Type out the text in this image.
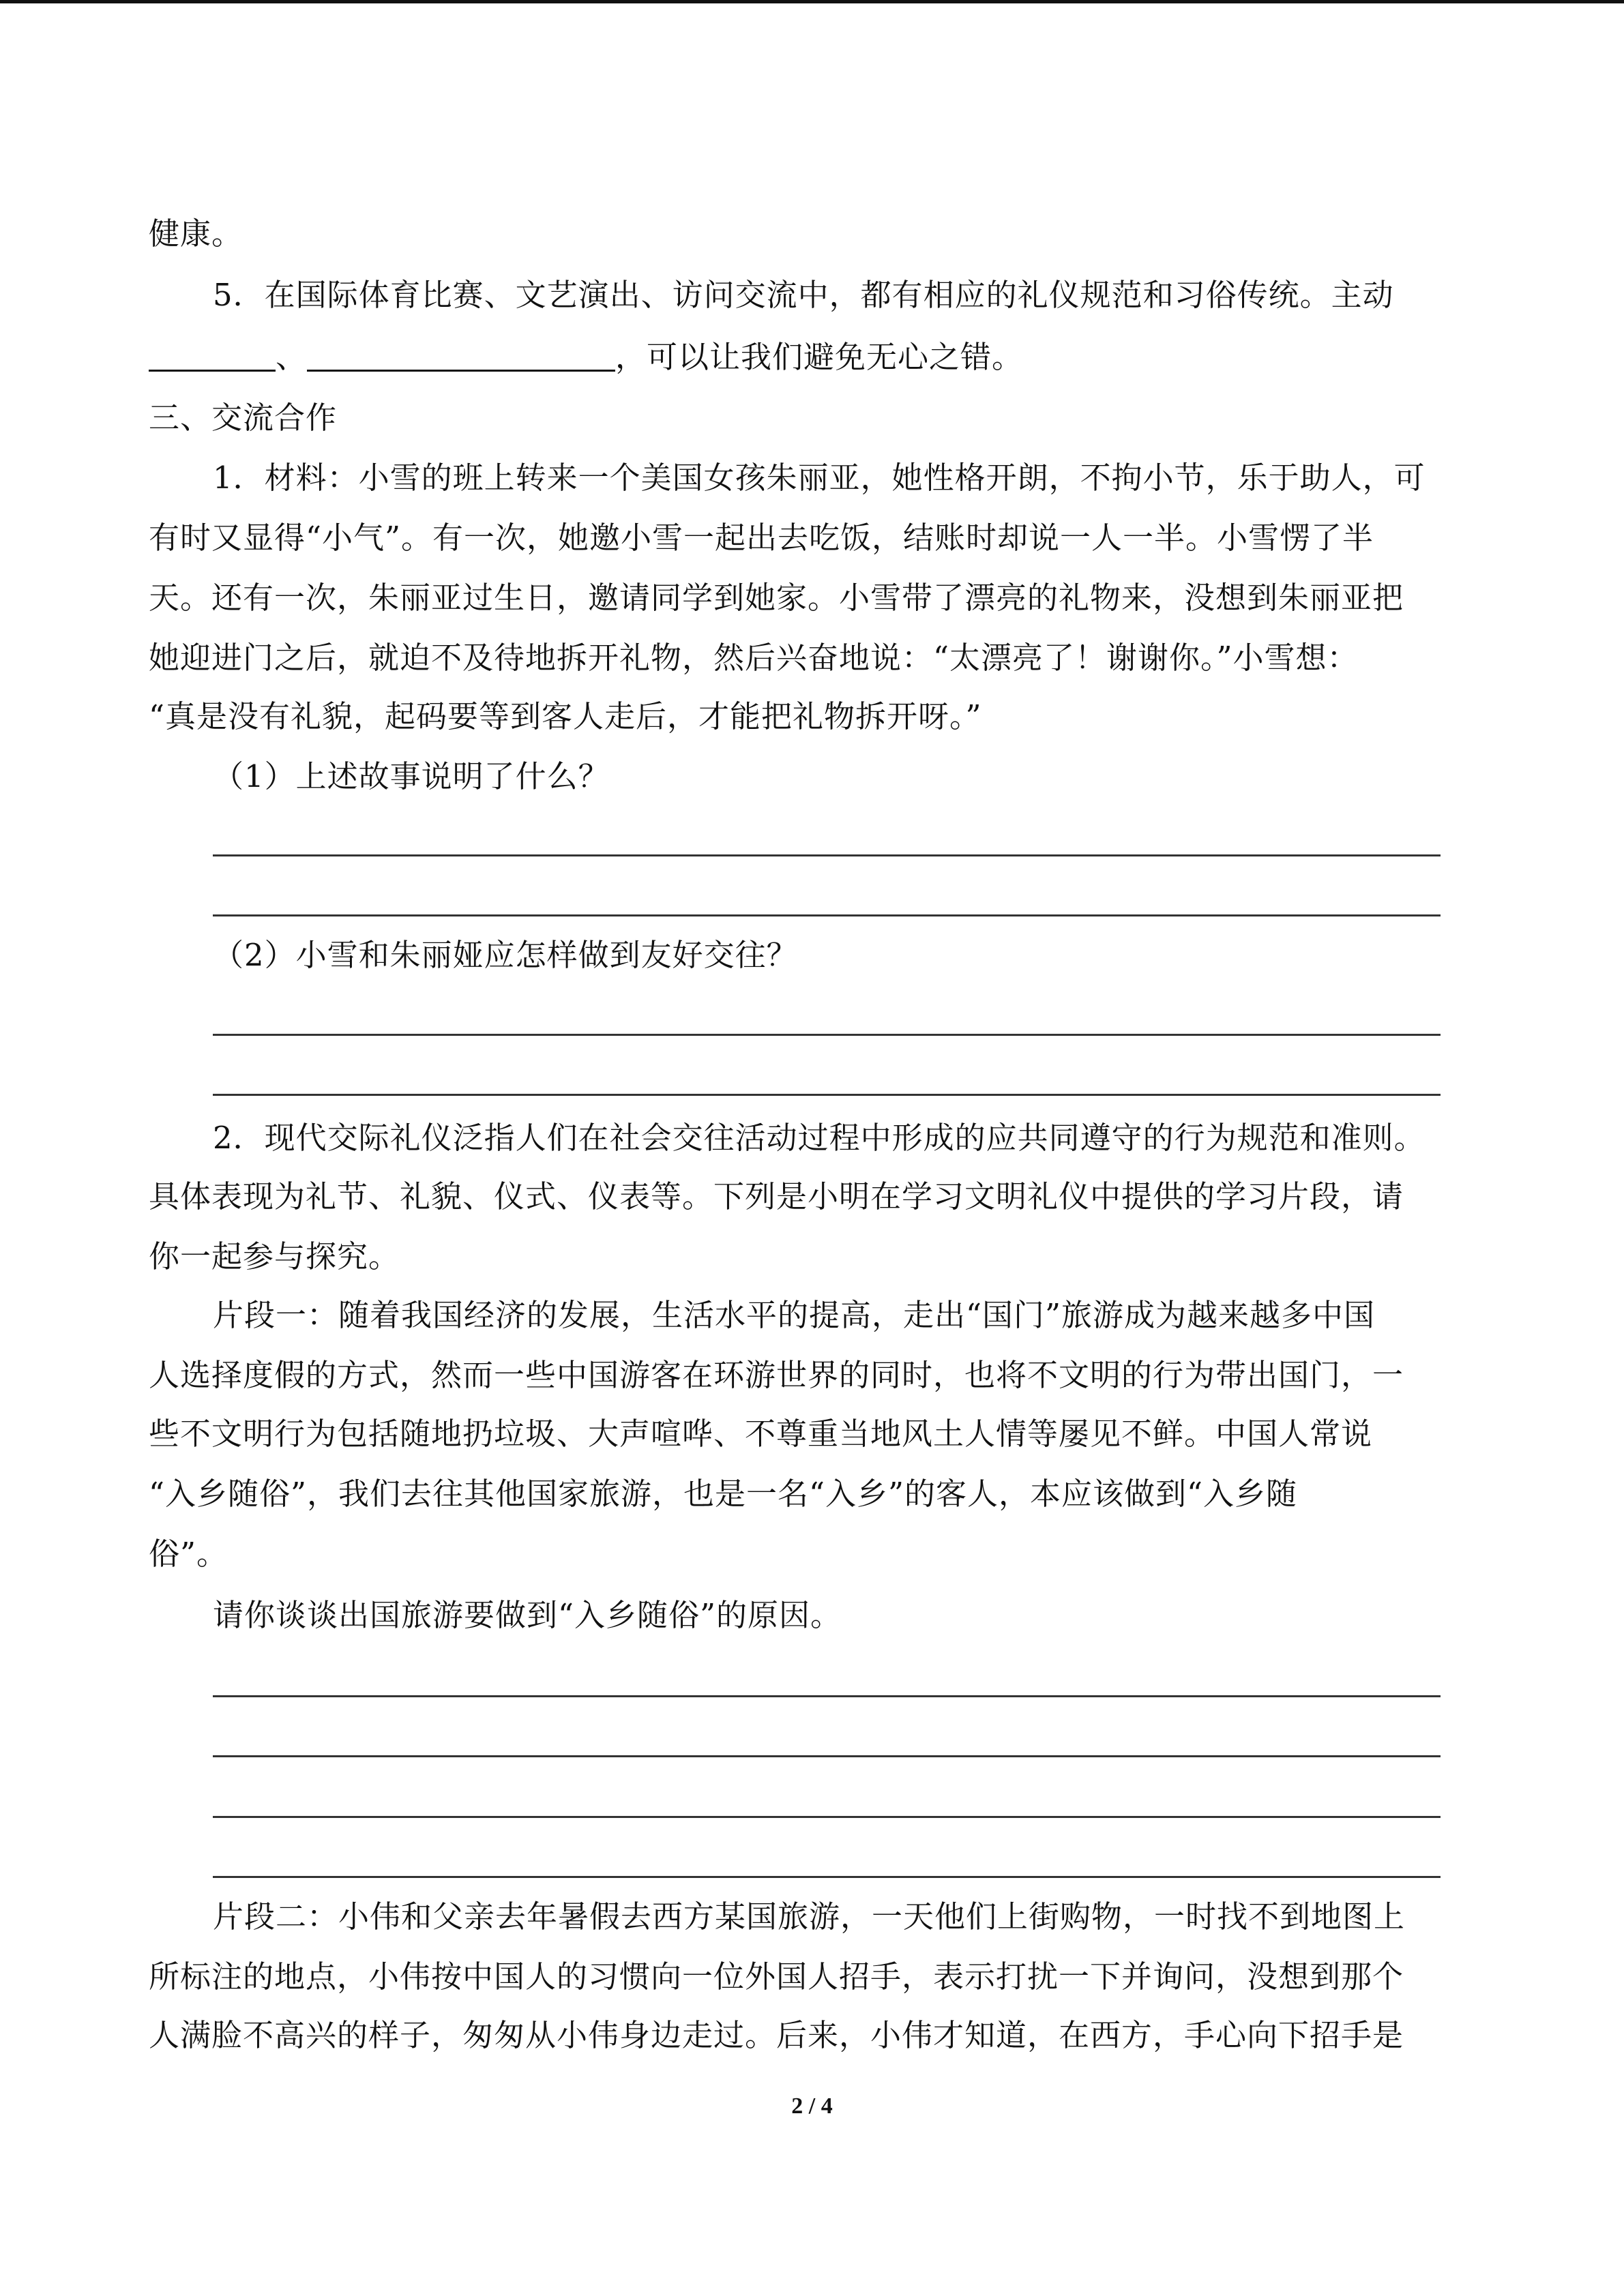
健康。
5．在国际体育比赛、文艺演出、访问交流中，都有相应的礼仪规范和习俗传统。主动
、	，可以让我们避免无心之错。
三、交流合作
1．材料：小雪的班上转来一个美国女孩朱丽亚，她性格开朗，不拘小节，乐于助人，可
有时又显得“小气”。有一次，她邀小雪一起出去吃饭，结账时却说一人一半。小雪愣了半
天。还有一次，朱丽亚过生日，邀请同学到她家。小雪带了漂亮的礼物来，没想到朱丽亚把
她迎进门之后，就迫不及待地拆开礼物，然后兴奋地说：“太漂亮了！谢谢你。”小雪想：
“真是没有礼貌，起码要等到客人走后，才能把礼物拆开呀。”
（1）上述故事说明了什么？
（2）小雪和朱丽娅应怎样做到友好交往？
2．现代交际礼仪泛指人们在社会交往活动过程中形成的应共同遵守的行为规范和准则。
具体表现为礼节、礼貌、仪式、仪表等。下列是小明在学习文明礼仪中提供的学习片段，请
你一起参与探究。
片段一：随着我国经济的发展，生活水平的提高，走出“国门”旅游成为越来越多中国
人选择度假的方式，然而一些中国游客在环游世界的同时，也将不文明的行为带出国门，一
些不文明行为包括随地扔垃圾、大声喧哗、不尊重当地风土人情等屡见不鲜。中国人常说
“入乡随俗”，我们去往其他国家旅游，也是一名“入乡”的客人，本应该做到“入乡随
俗”。
请你谈谈出国旅游要做到“入乡随俗”的原因。
片段二：小伟和父亲去年暑假去西方某国旅游，一天他们上街购物，一时找不到地图上
所标注的地点，小伟按中国人的习惯向一位外国人招手，表示打扰一下并询问，没想到那个
人满脸不高兴的样子，匆匆从小伟身边走过。后来，小伟才知道，在西方，手心向下招手是
2 / 4
